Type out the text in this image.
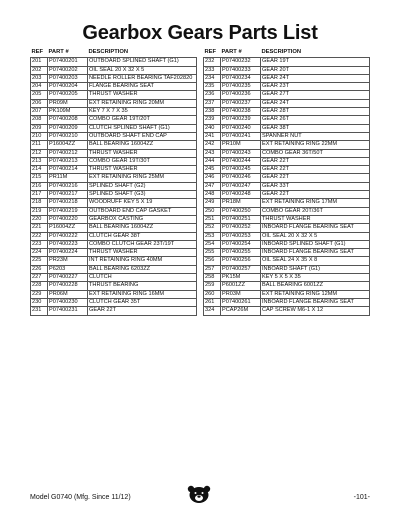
Gearbox Gears Parts List
REF	PART #	DESCRIPTION
201	P07400201	OUTBOARD SPLINED SHAFT (G1)
202	P07400202	OIL SEAL 20 X 32 X 5
203	P07400203	NEEDLE ROLLER BEARING TAF202820
204	P07400204	FLANGE BEARING SEAT
205	P07400205	THRUST WASHER
206	PR09M	EXT RETAINING RING 20MM
207	PK109M	KEY 7 X 7 X 35
208	P07400208	COMBO GEAR 19T/20T
209	P07400209	CLUTCH SPLINED SHAFT (G1)
210	P07400210	OUTBOARD SHAFT END CAP
211	P16004ZZ	BALL BEARING 16004ZZ
212	P07400212	THRUST WASHER
213	P07400213	COMBO GEAR 19T/30T
214	P07400214	THRUST WASHER
215	PR11M	EXT RETAINING RING 25MM
216	P07400216	SPLINED SHAFT (G2)
217	P07400217	SPLINED SHAFT (G3)
218	P07400218	WOODRUFF KEY 5 X 19
219	P07400219	OUTBOARD END CAP GASKET
220	P07400220	GEARBOX CASTING
221	P16004ZZ	BALL BEARING 16004ZZ
222	P07400222	CLUTCH GEAR 38T
223	P07400223	COMBO CLUTCH GEAR 23T/19T
224	P07400224	THRUST WASHER
225	PR23M	INT RETAINING RING 40MM
226	P6203	BALL BEARING 6203ZZ
227	P07400227	CLUTCH
228	P07400228	THRUST BEARING
229	PR06M	EXT RETAINING RING 16MM
230	P07400230	CLUTCH GEAR 35T
231	P07400231	GEAR 22T
REF	PART #	DESCRIPTION
232	P07400232	GEAR 19T
233	P07400233	GEAR 20T
234	P07400234	GEAR 24T
235	P07400235	GEAR 23T
236	P07400236	GEAR 27T
237	P07400237	GEAR 24T
238	P07400238	GEAR 28T
239	P07400239	GEAR 26T
240	P07400240	GEAR 38T
241	P07400241	SPANNER NUT
242	PR10M	EXT RETAINING RING 22MM
243	P07400243	COMBO GEAR 36T/50T
244	P07400244	GEAR 22T
245	P07400245	GEAR 22T
246	P07400246	GEAR 22T
247	P07400247	GEAR 33T
248	P07400248	GEAR 22T
249	PR18M	EXT RETAINING RING 17MM
250	P07400250	COMBO GEAR 20T/36T
251	P07400251	THRUST WASHER
252	P07400252	INBOARD FLANGE BEARING SEAT
253	P07400253	OIL SEAL 20 X 32 X 5
254	P07400254	INBOARD SPLINED SHAFT (G1)
255	P07400255	INBOARD FLANGE BEARING SEAT
256	P07400256	OIL SEAL 24 X 35 X 8
257	P07400257	INBOARD SHAFT (G1)
258	PK15M	KEY 5 X 5 X 35
259	P6001ZZ	BALL BEARING 6001ZZ
260	PR03M	EXT RETAINING RING 12MM
261	P07400261	INBOARD FLANGE BEARING SEAT
324	PCAP26M	CAP SCREW M6-1 X 12
Model G0740 (Mfg. Since 11/12)	-101-
